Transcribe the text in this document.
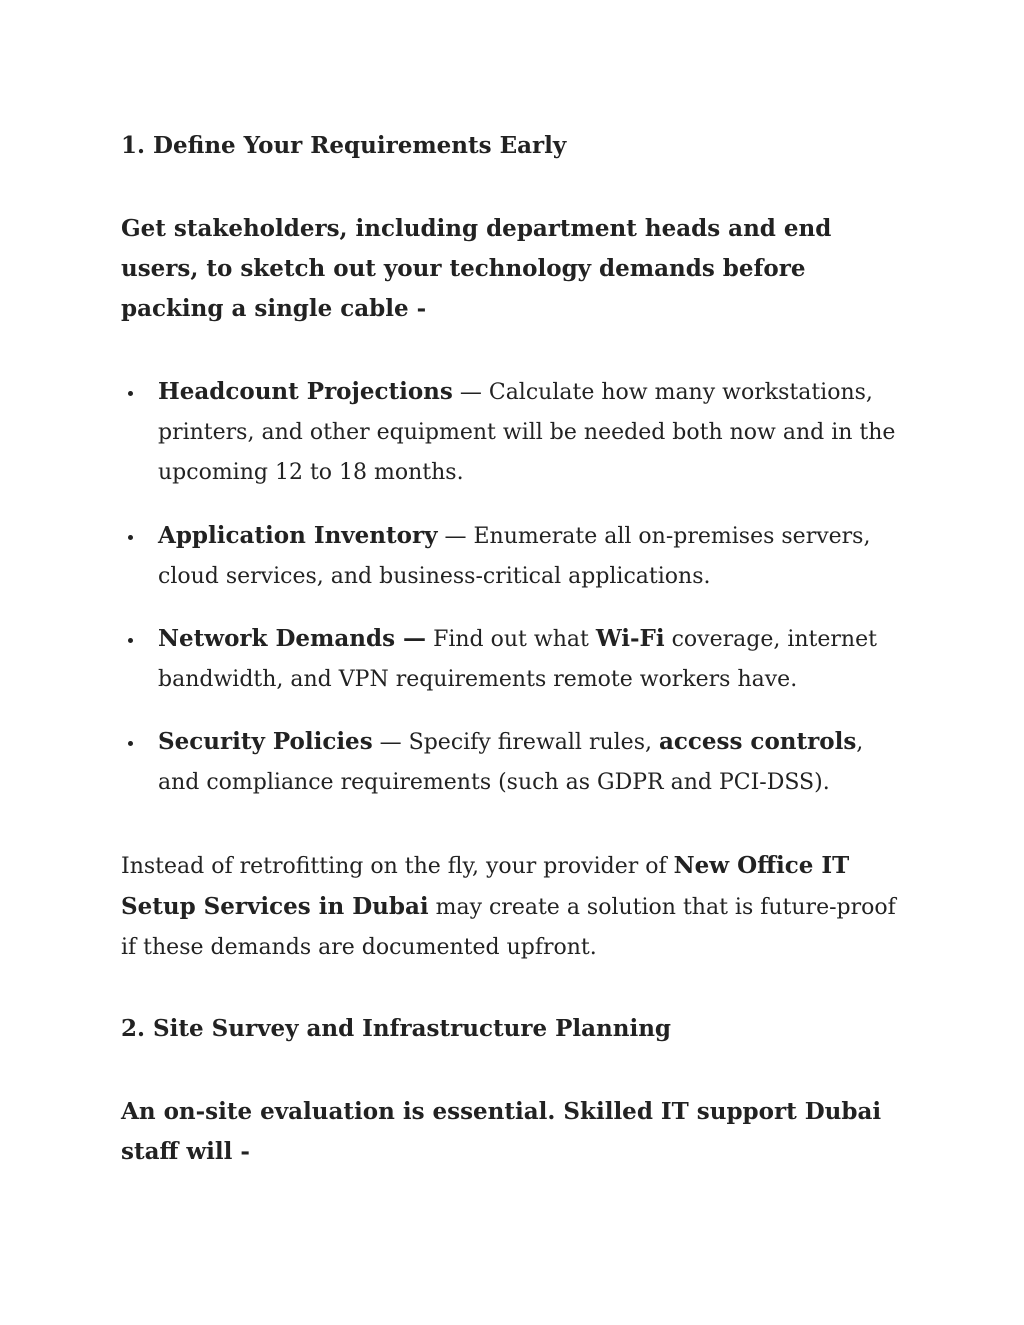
1. Define Your Requirements Early

Get stakeholders, including department heads and end users, to sketch out your technology demands before packing a single cable -

Headcount Projections — Calculate how many workstations, printers, and other equipment will be needed both now and in the upcoming 12 to 18 months.
Application Inventory — Enumerate all on-premises servers, cloud services, and business-critical applications.
Network Demands — Find out what Wi-Fi coverage, internet bandwidth, and VPN requirements remote workers have.
Security Policies — Specify firewall rules, access controls, and compliance requirements (such as GDPR and PCI-DSS).

Instead of retrofitting on the fly, your provider of New Office IT Setup Services in Dubai may create a solution that is future-proof if these demands are documented upfront.

2. Site Survey and Infrastructure Planning

An on-site evaluation is essential. Skilled IT support Dubai staff will -
